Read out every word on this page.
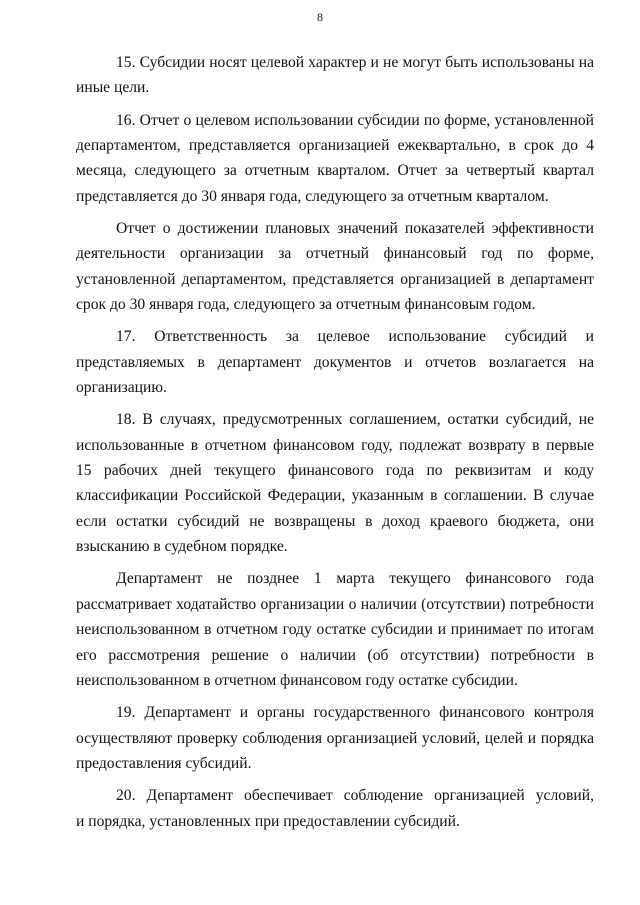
8
15. Субсидии носят целевой характер и не могут быть использованы на
иные цели.
16. Отчет о целевом использовании субсидии по форме, установленной
департаментом, представляется организацией ежеквартально, в срок до 4
месяца, следующего за отчетным кварталом. Отчет за четвертый квартал
представляется до 30 января года, следующего за отчетным кварталом.
Отчет о достижении плановых значений показателей эффективности
деятельности организации за отчетный финансовый год по форме,
установленной департаментом, представляется организацией в департамент
срок до 30 января года, следующего за отчетным финансовым годом.
17. Ответственность за целевое использование субсидий и
представляемых в департамент документов и отчетов возлагается на
организацию.
18. В случаях, предусмотренных соглашением, остатки субсидий, не
использованные в отчетном финансовом году, подлежат возврату в первые
15 рабочих дней текущего финансового года по реквизитам и коду
классификации Российской Федерации, указанным в соглашении. В случае
если остатки субсидий не возвращены в доход краевого бюджета, они
взысканию в судебном порядке.
Департамент не позднее 1 марта текущего финансового года
рассматривает ходатайство организации о наличии (отсутствии) потребности
неиспользованном в отчетном году остатке субсидии и принимает по итогам
его рассмотрения решение о наличии (об отсутствии) потребности в
неиспользованном в отчетном финансовом году остатке субсидии.
19. Департамент и органы государственного финансового контроля
осуществляют проверку соблюдения организацией условий, целей и порядка
предоставления субсидий.
20. Департамент обеспечивает соблюдение организацией условий,
и порядка, установленных при предоставлении субсидий.
